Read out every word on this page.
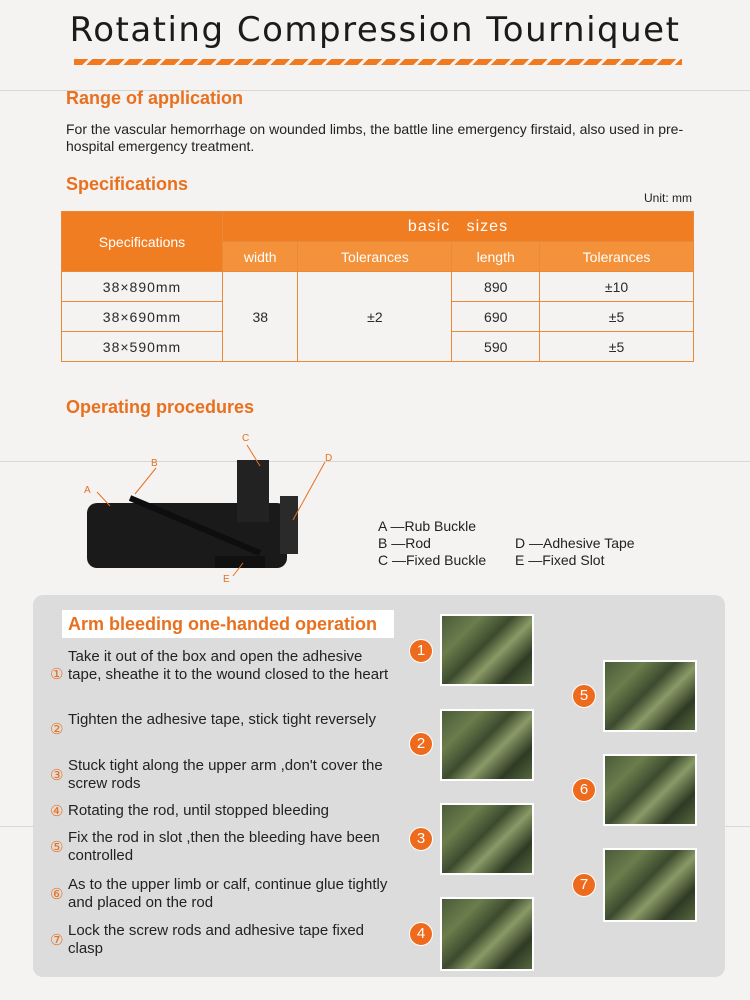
Rotating Compression Tourniquet
Range of application
For the vascular hemorrhage on wounded limbs, the battle line emergency firstaid, also used in pre-hospital emergency treatment.
Specifications
Unit: mm
Specifications	basic   sizes			
	width	Tolerances	length	Tolerances
38×890mm	38	±2	890	±10
38×690mm			690	±5
38×590mm			590	±5
Operating procedures
A
B
C
D
E
A —Rub Buckle
B —Rod
C —Fixed Buckle
D —Adhesive Tape
E —Fixed Slot
Arm bleeding one-handed operation
①
Take it out of the box and open the adhesive tape, sheathe it to the wound closed to the heart
②
Tighten the adhesive tape, stick tight reversely
③
Stuck tight along the upper arm ,don't cover the screw rods
④ Rotating the rod, until stopped bleeding
⑤
Fix the rod in slot ,then the bleeding have been controlled
⑥
As to the upper limb or calf, continue glue tightly and placed on the rod
⑦
Lock the screw rods and adhesive tape fixed clasp
1
2
3
4
5
6
7
